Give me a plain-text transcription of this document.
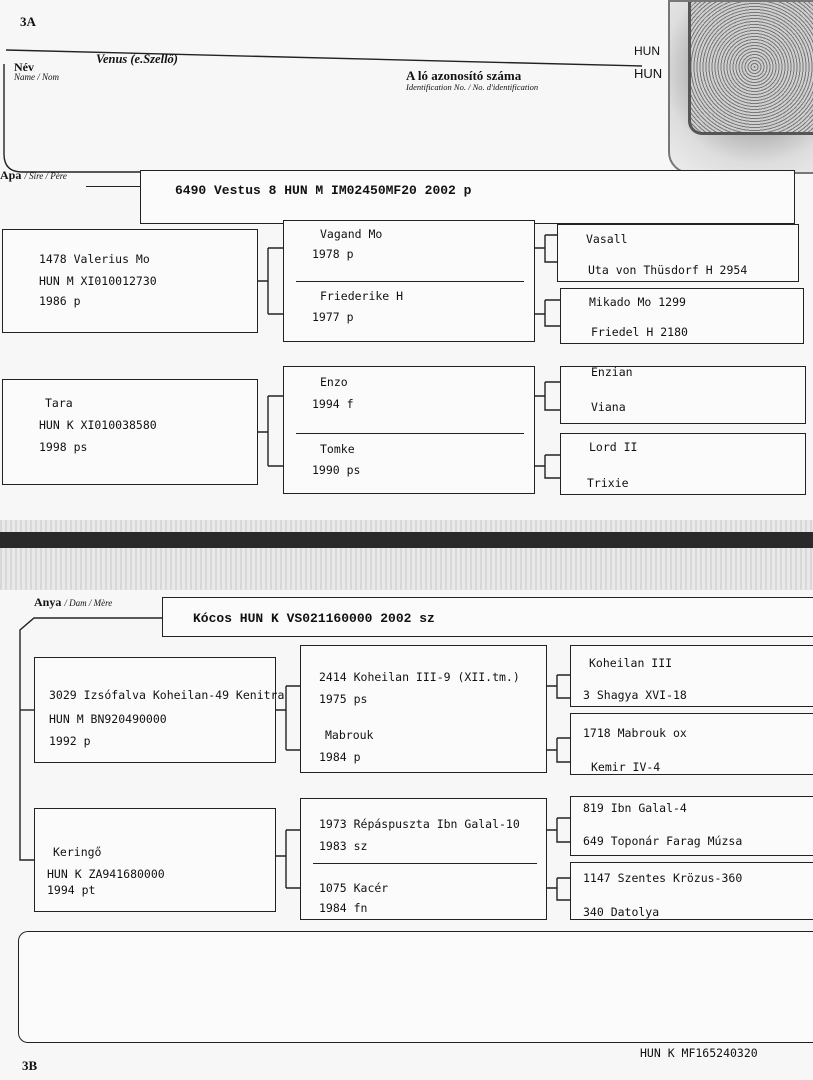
3A
Név
Name / Nom
Venus (e.Szellő)
A ló azonosító száma
Identification No. / No. d'identification
HUN
HUN
Apa / Sire / Père
6490 Vestus 8 HUN M IM02450MF20 2002 p
1478 Valerius Mo
HUN M XI010012730
1986 p
Tara
HUN K XI010038580
1998 ps
Vagand Mo
1978 p
Friederike H
1977 p
Enzo
1994 f
Tomke
1990 ps
Vasall
Uta von Thüsdorf H 2954
Mikado Mo 1299
Friedel H 2180
Enzian
Viana
Lord II
Trixie
Anya / Dam / Mère
Kócos HUN K VS021160000 2002 sz
3029 Izsófalva Koheilan-49 Kenitra
HUN M BN920490000
1992 p
Keringő
HUN K ZA941680000
1994 pt
2414 Koheilan III-9 (XII.tm.)
1975 ps
Mabrouk
1984 p
1973 Répáspuszta Ibn Galal-10
1983 sz
1075 Kacér
1984 fn
Koheilan III
3 Shagya XVI-18
1718 Mabrouk ox
Kemir IV-4
819 Ibn Galal-4
649 Toponár Farag Múzsa
1147 Szentes Krözus-360
340 Datolya
HUN K MF165240320
3B
